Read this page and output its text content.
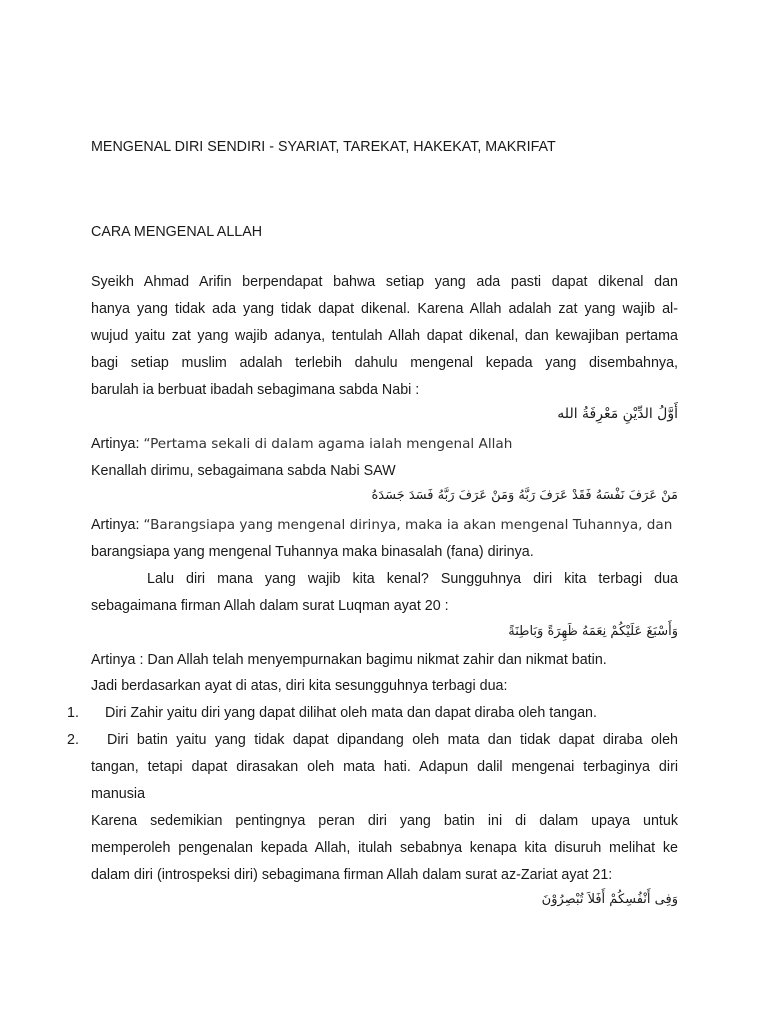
MENGENAL DIRI SENDIRI - SYARIAT, TAREKAT, HAKEKAT, MAKRIFAT
CARA MENGENAL ALLAH
Syeikh Ahmad Arifin berpendapat bahwa setiap yang ada pasti dapat dikenal dan
hanya yang tidak ada yang tidak dapat dikenal. Karena Allah adalah zat yang wajib al-
wujud yaitu zat yang wajib adanya, tentulah Allah dapat dikenal, dan kewajiban pertama
bagi setiap muslim adalah terlebih dahulu mengenal kepada yang disembahnya,
barulah ia berbuat ibadah sebagimana sabda Nabi :
أَوَّلُ الدِّيْنِ مَعْرِفَةُ الله
Artinya: “Pertama sekali di dalam agama ialah mengenal Allah
Kenallah dirimu, sebagaimana sabda Nabi SAW
مَنْ عَرَفَ نَفْسَهُ فَقَدْ عَرَفَ رَبَّهُ وَمَنْ عَرَفَ رَبَّهُ فَسَدَ جَسَدَهُ
Artinya: “Barangsiapa yang mengenal dirinya, maka ia akan mengenal Tuhannya, dan
barangsiapa yang mengenal Tuhannya maka binasalah (fana) dirinya.
Lalu diri mana yang wajib kita kenal? Sungguhnya diri kita terbagi dua
sebagaimana firman Allah dalam surat Luqman ayat 20 :
وَأَسْبَغَ عَلَيْكُمْ نِعَمَهُ ظَهِرَةً وَبَاطِنَةً
Artinya : Dan Allah telah menyempurnakan bagimu nikmat zahir dan nikmat batin.
Jadi berdasarkan ayat di atas, diri kita sesungguhnya terbagi dua:
1. Diri Zahir yaitu diri yang dapat dilihat oleh mata dan dapat diraba oleh tangan.
2. Diri batin yaitu yang tidak dapat dipandang oleh mata dan tidak dapat diraba oleh
tangan, tetapi dapat dirasakan oleh mata hati. Adapun dalil mengenai terbaginya diri
manusia
Karena sedemikian pentingnya peran diri yang batin ini di dalam upaya untuk
memperoleh pengenalan kepada Allah, itulah sebabnya kenapa kita disuruh melihat ke
dalam diri (introspeksi diri) sebagimana firman Allah dalam surat az-Zariat ayat 21:
وَفِى أَنْفُسِكُمْ أَفَلاَ تُبْصِرُوْنَ
